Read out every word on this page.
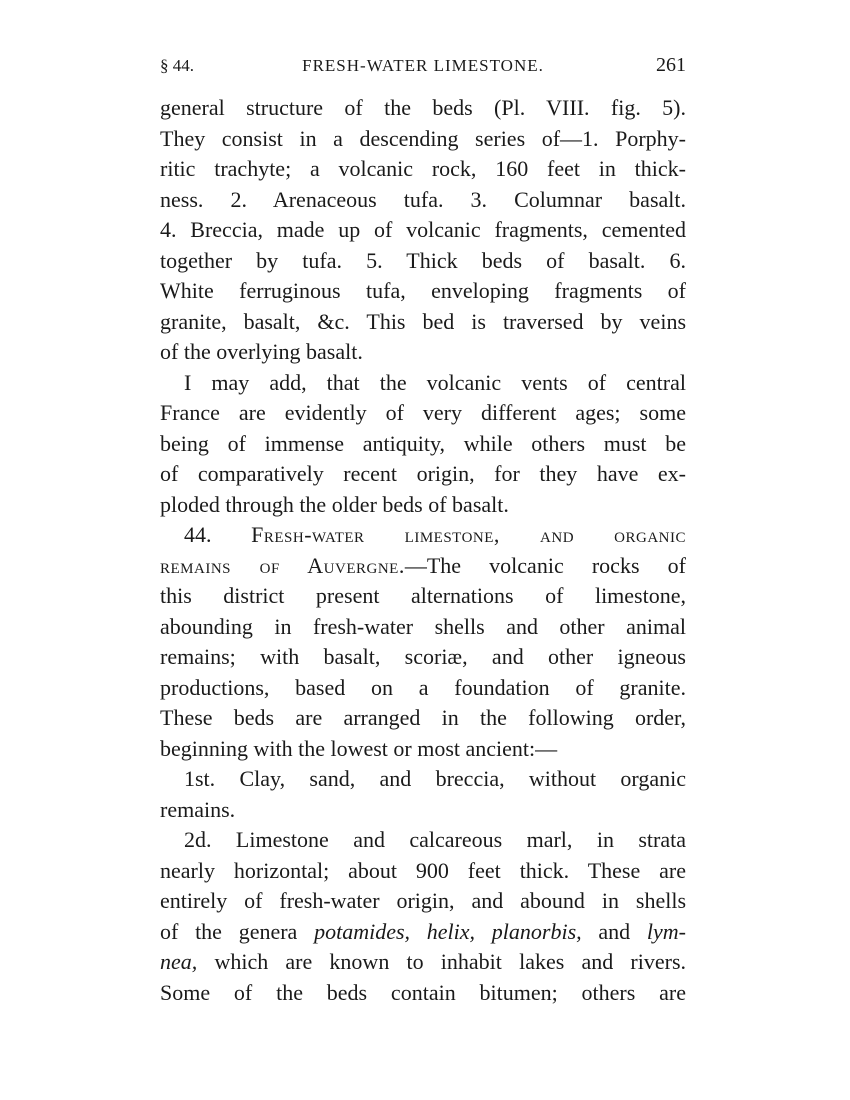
§ 44.	FRESH-WATER LIMESTONE.	261
general structure of the beds (Pl. VIII. fig. 5).
They consist in a descending series of—1. Porphy-
ritic trachyte; a volcanic rock, 160 feet in thick-
ness. 2. Arenaceous tufa. 3. Columnar basalt.
4. Breccia, made up of volcanic fragments, cemented
together by tufa. 5. Thick beds of basalt. 6.
White ferruginous tufa, enveloping fragments of
granite, basalt, &c. This bed is traversed by veins
of the overlying basalt.
I may add, that the volcanic vents of central
France are evidently of very different ages; some
being of immense antiquity, while others must be
of comparatively recent origin, for they have ex-
ploded through the older beds of basalt.
44. Fresh-water limestone, and organic
remains of Auvergne.—The volcanic rocks of
this district present alternations of limestone,
abounding in fresh-water shells and other animal
remains; with basalt, scoriæ, and other igneous
productions, based on a foundation of granite.
These beds are arranged in the following order,
beginning with the lowest or most ancient:—
1st. Clay, sand, and breccia, without organic
remains.
2d. Limestone and calcareous marl, in strata
nearly horizontal; about 900 feet thick. These are
entirely of fresh-water origin, and abound in shells
of the genera potamides, helix, planorbis, and lym-
nea, which are known to inhabit lakes and rivers.
Some of the beds contain bitumen; others are
